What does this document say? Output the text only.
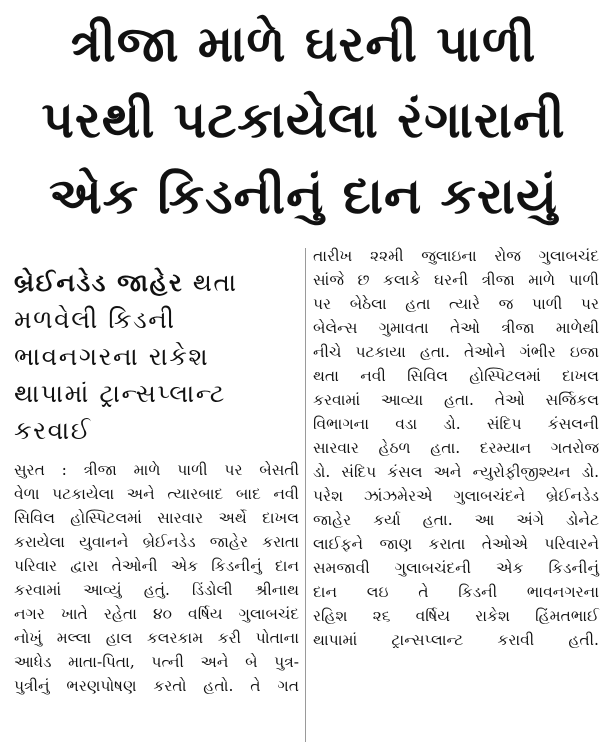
ત્રીજા માળે ઘરની પાળી
પરથી પટકાયેલા રંગારાની
એક કિડનીનું દાન કરાયું
બ્રેઈનડેડ જાહેર થતા
મળવેલી કિડની
ભાવનગરના રાકેશ
થાપામાં ટ્રાન્સપ્લાન્ટ
કરવાઈ
સુરત : ત્રીજા માળે પાળી પર બેસતી
વેળા પટકાયેલા અને ત્યારબાદ બાદ નવી
સિવિલ હોસ્પિટલમાં સારવાર અર્થે દાખલ
કરાયેલા યુવાનને બ્રેઈનડેડ જાહેર કરાતા
પરિવાર દ્વારા તેઓની એક કિડનીનું દાન
કરવામાં આવ્યું હતું. ડિંડોલી શ્રીનાથ
નગર ખાતે રહેતા ૪૦ વર્ષિય ગુલાબચંદ
નોખું મલ્લા હાલ કલરકામ કરી પોતાના
આધેડ માતા-પિતા, પત્ની અને બે પુત્ર-
પુત્રીનું ભરણપોષણ કરતો હતો. તે ગત
તારીખ ૨૨મી જુલાઇના રોજ ગુલાબચંદ
સાંજે છ કલાકે ઘરની ત્રીજા માળે પાળી
પર બેઠેલા હતા ત્યારે જ પાળી પર
બેલેન્સ ગુમાવતા તેઓ ત્રીજા માળેથી
નીચે પટકાયા હતા. તેઓને ગંભીર ઇજા
થતા નવી સિવિલ હોસ્પિટલમાં દાખલ
કરવામાં આવ્યા હતા. તેઓ સર્જિકલ
વિભાગના વડા ડો. સંદિપ કંસલની
સારવાર હેઠળ હતા. દરમ્યાન ગતરોજ
ડો. સંદિપ કંસલ અને ન્યુરોફીજીશ્યન ડો.
પરેશ ઝાંઝમેરએ ગુલાબચંદને બ્રેઈનડેડ
જાહેર કર્યા હતા. આ અંગે ડોનેટ
લાઈફને જાણ કરાતા તેઓએ પરિવારને
સમજાવી ગુલાબચંદની એક કિડનીનું
દાન લઇ તે કિડની ભાવનગરના
રહિશ ૨૬ વર્ષિય રાકેશ હિંમતભાઈ
થાપામાં ટ્રાન્સપ્લાન્ટ કરાવી હતી.
